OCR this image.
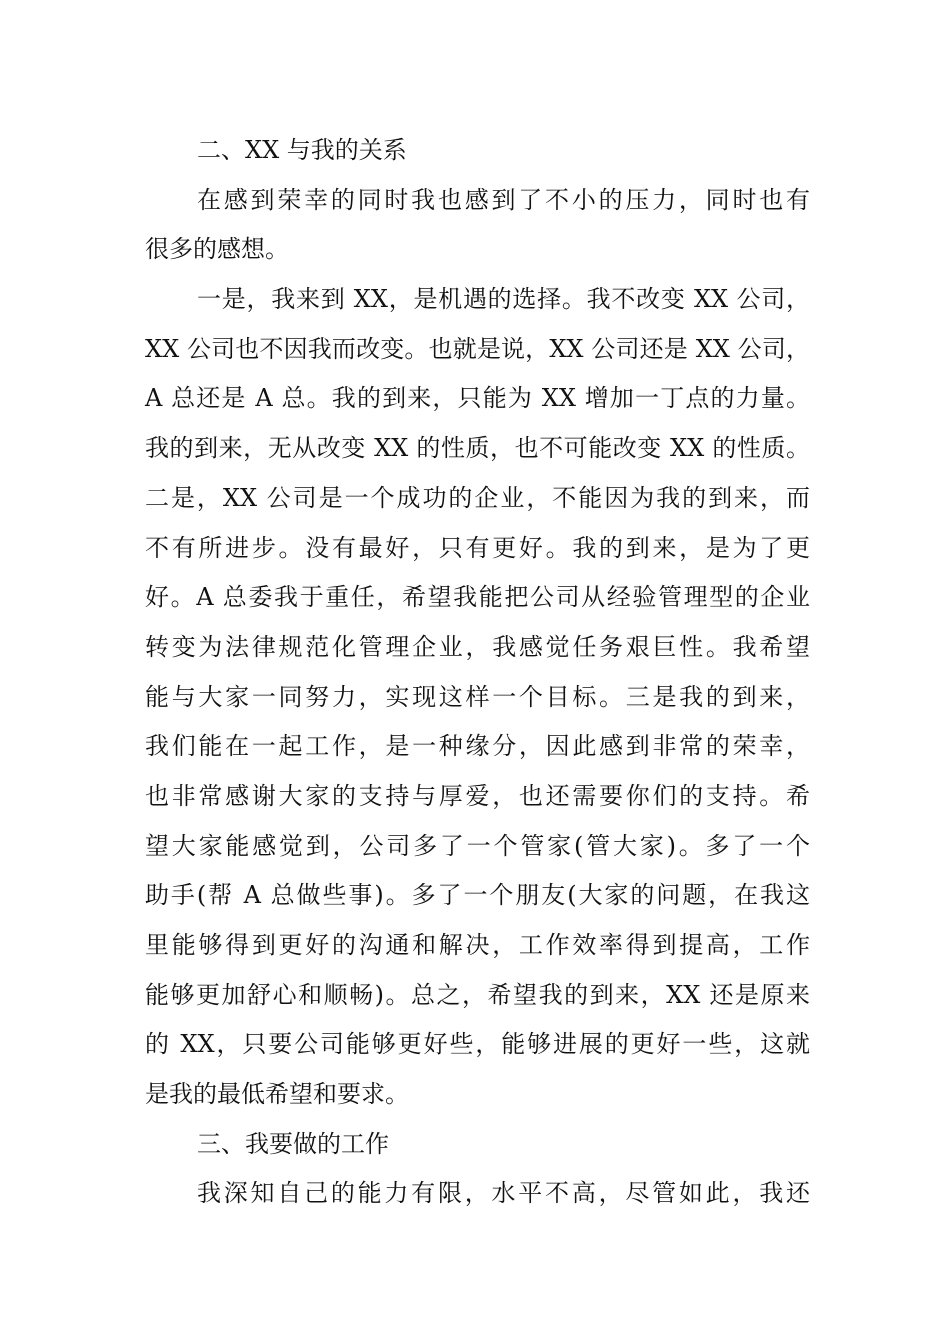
二、XX 与我的关系
在感到荣幸的同时我也感到了不小的压力，同时也有
很多的感想。
一是，我来到 XX，是机遇的选择。我不改变 XX 公司，
XX 公司也不因我而改变。也就是说，XX 公司还是 XX 公司，
A 总还是 A 总。我的到来，只能为 XX 增加一丁点的力量。
我的到来，无从改变 XX 的性质，也不可能改变 XX 的性质。
二是，XX 公司是一个成功的企业，不能因为我的到来，而
不有所进步。没有最好，只有更好。我的到来，是为了更
好。A 总委我于重任，希望我能把公司从经验管理型的企业
转变为法律规范化管理企业，我感觉任务艰巨性。我希望
能与大家一同努力，实现这样一个目标。三是我的到来，
我们能在一起工作，是一种缘分，因此感到非常的荣幸，
也非常感谢大家的支持与厚爱，也还需要你们的支持。希
望大家能感觉到，公司多了一个管家(管大家)。多了一个
助手(帮 A 总做些事)。多了一个朋友(大家的问题，在我这
里能够得到更好的沟通和解决，工作效率得到提高，工作
能够更加舒心和顺畅)。总之，希望我的到来，XX 还是原来
的 XX，只要公司能够更好些，能够进展的更好一些，这就
是我的最低希望和要求。
三、我要做的工作
我深知自己的能力有限，水平不高，尽管如此，我还
